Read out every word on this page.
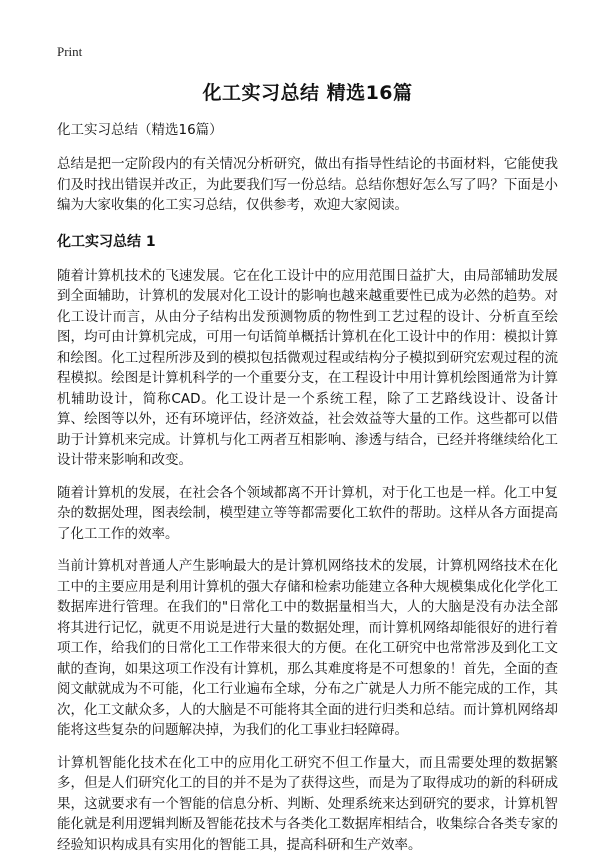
Print
化工实习总结 精选16篇
化工实习总结（精选16篇）

总结是把一定阶段内的有关情况分析研究，做出有指导性结论的书面材料，它能使我们及时找出错误并改正，为此要我们写一份总结。总结你想好怎么写了吗？下面是小编为大家收集的化工实习总结，仅供参考，欢迎大家阅读。

化工实习总结 1

随着计算机技术的飞速发展。它在化工设计中的应用范围日益扩大，由局部辅助发展到全面辅助，计算机的发展对化工设计的影响也越来越重要性已成为必然的趋势。对化工设计而言，从由分子结构出发预测物质的物性到工艺过程的设计、分析直至绘图，均可由计算机完成，可用一句话简单概括计算机在化工设计中的作用：模拟计算和绘图。化工过程所涉及到的模拟包括微观过程或结构分子模拟到研究宏观过程的流程模拟。绘图是计算机科学的一个重要分支，在工程设计中用计算机绘图通常为计算机辅助设计，简称CAD。化工设计是一个系统工程，除了工艺路线设计、设备计算、绘图等以外，还有环境评估，经济效益，社会效益等大量的工作。这些都可以借助于计算机来完成。计算机与化工两者互相影响、渗透与结合，已经并将继续给化工设计带来影响和改变。

随着计算机的发展，在社会各个领域都离不开计算机，对于化工也是一样。化工中复杂的数据处理，图表绘制，模型建立等等都需要化工软件的帮助。这样从各方面提高了化工工作的效率。

当前计算机对普通人产生影响最大的是计算机网络技术的发展，计算机网络技术在化工中的主要应用是利用计算机的强大存储和检索功能建立各种大规模集成化化学化工数据库进行管理。在我们的"日常化工中的数据量相当大，人的大脑是没有办法全部将其进行记忆，就更不用说是进行大量的数据处理，而计算机网络却能很好的进行着项工作，给我们的日常化工工作带来很大的方便。在化工研究中也常常涉及到化工文献的查询，如果这项工作没有计算机，那么其难度将是不可想象的！首先，全面的查阅文献就成为不可能，化工行业遍布全球，分布之广就是人力所不能完成的工作，其次，化工文献众多，人的大脑是不可能将其全面的进行归类和总结。而计算机网络却能将这些复杂的问题解决掉，为我们的化工事业扫轻障碍。

计算机智能化技术在化工中的应用化工研究不但工作量大，而且需要处理的数据繁多，但是人们研究化工的目的并不是为了获得这些，而是为了取得成功的新的科研成果，这就要求有一个智能的信息分析、判断、处理系统来达到研究的要求，计算机智能化就是利用逻辑判断及智能花技术与各类化工数据库相结合，收集综合各类专家的经验知识构成具有实用化的智能工具，提高科研和生产效率。
